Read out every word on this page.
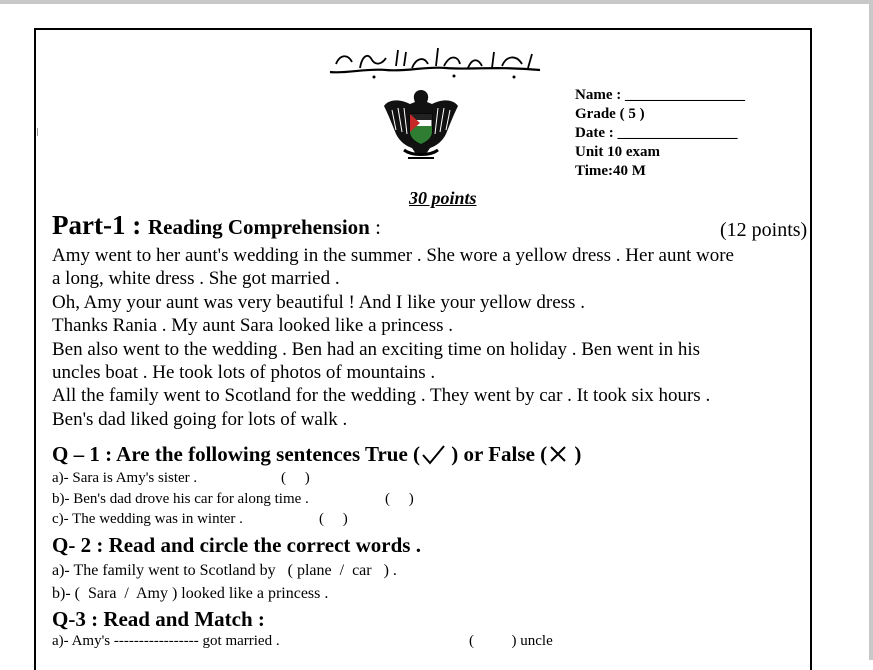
Name : ________________
Grade ( 5 )
Date : ________________
Unit 10 exam
Time:40 M
30 points
Part-1 : Reading Comprehension :	(12 points)
Amy went to her aunt's wedding in the summer . She wore a yellow dress . Her aunt wore
a long, white dress . She got married .
Oh, Amy your aunt was very beautiful ! And I like your yellow dress .
Thanks Rania . My aunt Sara looked like a princess .
Ben also went to the wedding . Ben had an exciting time on holiday . Ben went in his
uncles boat . He took lots of photos of mountains .
All the family went to Scotland for the wedding . They went by car . It took six hours .
Ben's dad liked going for lots of walk .
Q – 1 : Are the following sentences True ( ) or False ( )
a)- Sara is Amy's sister .	(     )
b)- Ben's dad drove his car for along time .	(     )
c)- The wedding was in winter .	(     )
Q- 2 : Read and circle the correct words .
a)- The family went to Scotland by   ( plane  /  car   ) .
b)- (  Sara  /  Amy ) looked like a princess .
Q-3 : Read and Match :
a)- Amy's ----------------- got married .	(          ) uncle
